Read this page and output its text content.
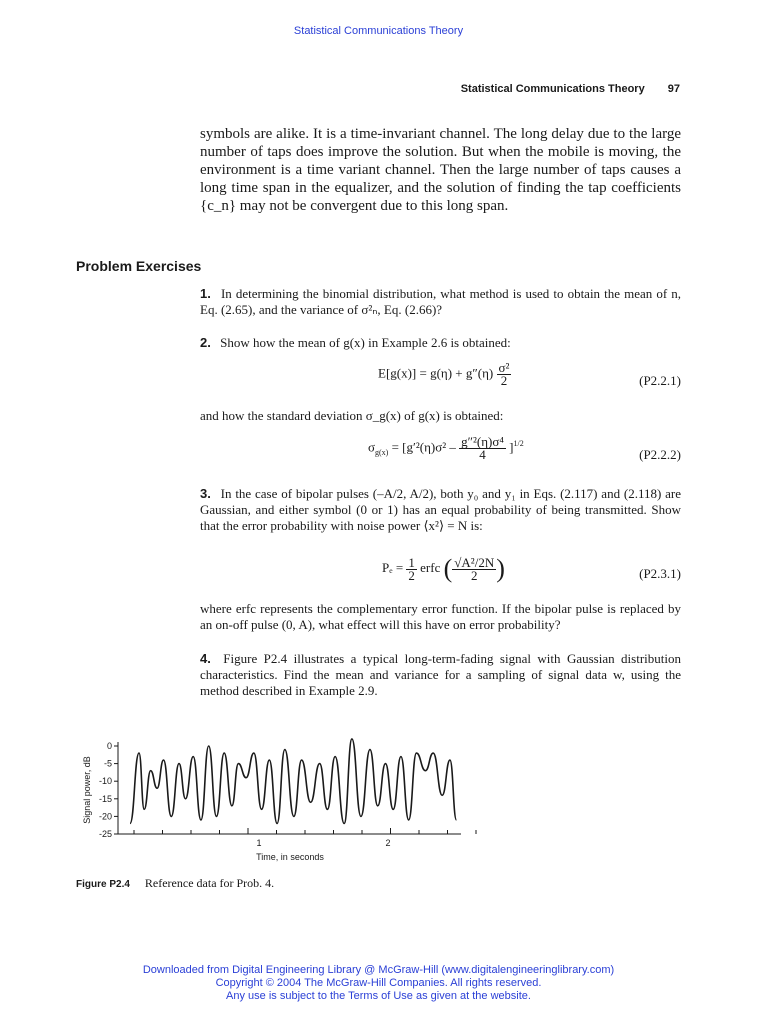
Statistical Communications Theory
Statistical Communications Theory 97
symbols are alike. It is a time-invariant channel. The long delay due to the large number of taps does improve the solution. But when the mobile is moving, the environment is a time variant channel. Then the large number of taps causes a long time span in the equalizer, and the solution of finding the tap coefficients {c_n} may not be convergent due to this long span.
Problem Exercises
1. In determining the binomial distribution, what method is used to obtain the mean of n, Eq. (2.65), and the variance of σ²ₙ, Eq. (2.66)?
2. Show how the mean of g(x) in Example 2.6 is obtained:
$E[g(x)] = g(\eta) + g''(\eta) \frac{\text{σ²}}{2}$	(P2.2.1)
and how the standard deviation σ_g(x) of g(x) is obtained:
$\sigma_{g(x)} = [g'^2(\eta)\sigma^2 - \frac{\text{g″²(η)σ⁴}}{4} ]^{1/2}$
(P2.2.2)
3. In the case of bipolar pulses (–A/2, A/2), both y₀ and y₁ in Eqs. (2.117) and (2.118) are Gaussian, and either symbol (0 or 1) has an equal probability of being transmitted. Show that the error probability with noise power ⟨x²⟩ = N is:
$P_e = \frac{1}{2}$ erfc ( $\frac{\text{√A²/2N}}{2}$ )	(P2.3.1)
where erfc represents the complementary error function. If the bipolar pulse is replaced by an on-off pulse (0, A), what effect will this have on error probability?
4. Figure P2.4 illustrates a typical long-term-fading signal with Gaussian distribution characteristics. Find the mean and variance for a sampling of signal data w, using the method described in Example 2.9.
0
-5
-10
-15
-20
-25
1	2
Signal power, dB
Time, in seconds
Figure P2.4 Reference data for Prob. 4.
Downloaded from Digital Engineering Library @ McGraw-Hill (www.digitalengineeringlibrary.com)
Copyright © 2004 The McGraw-Hill Companies. All rights reserved.
Any use is subject to the Terms of Use as given at the website.
